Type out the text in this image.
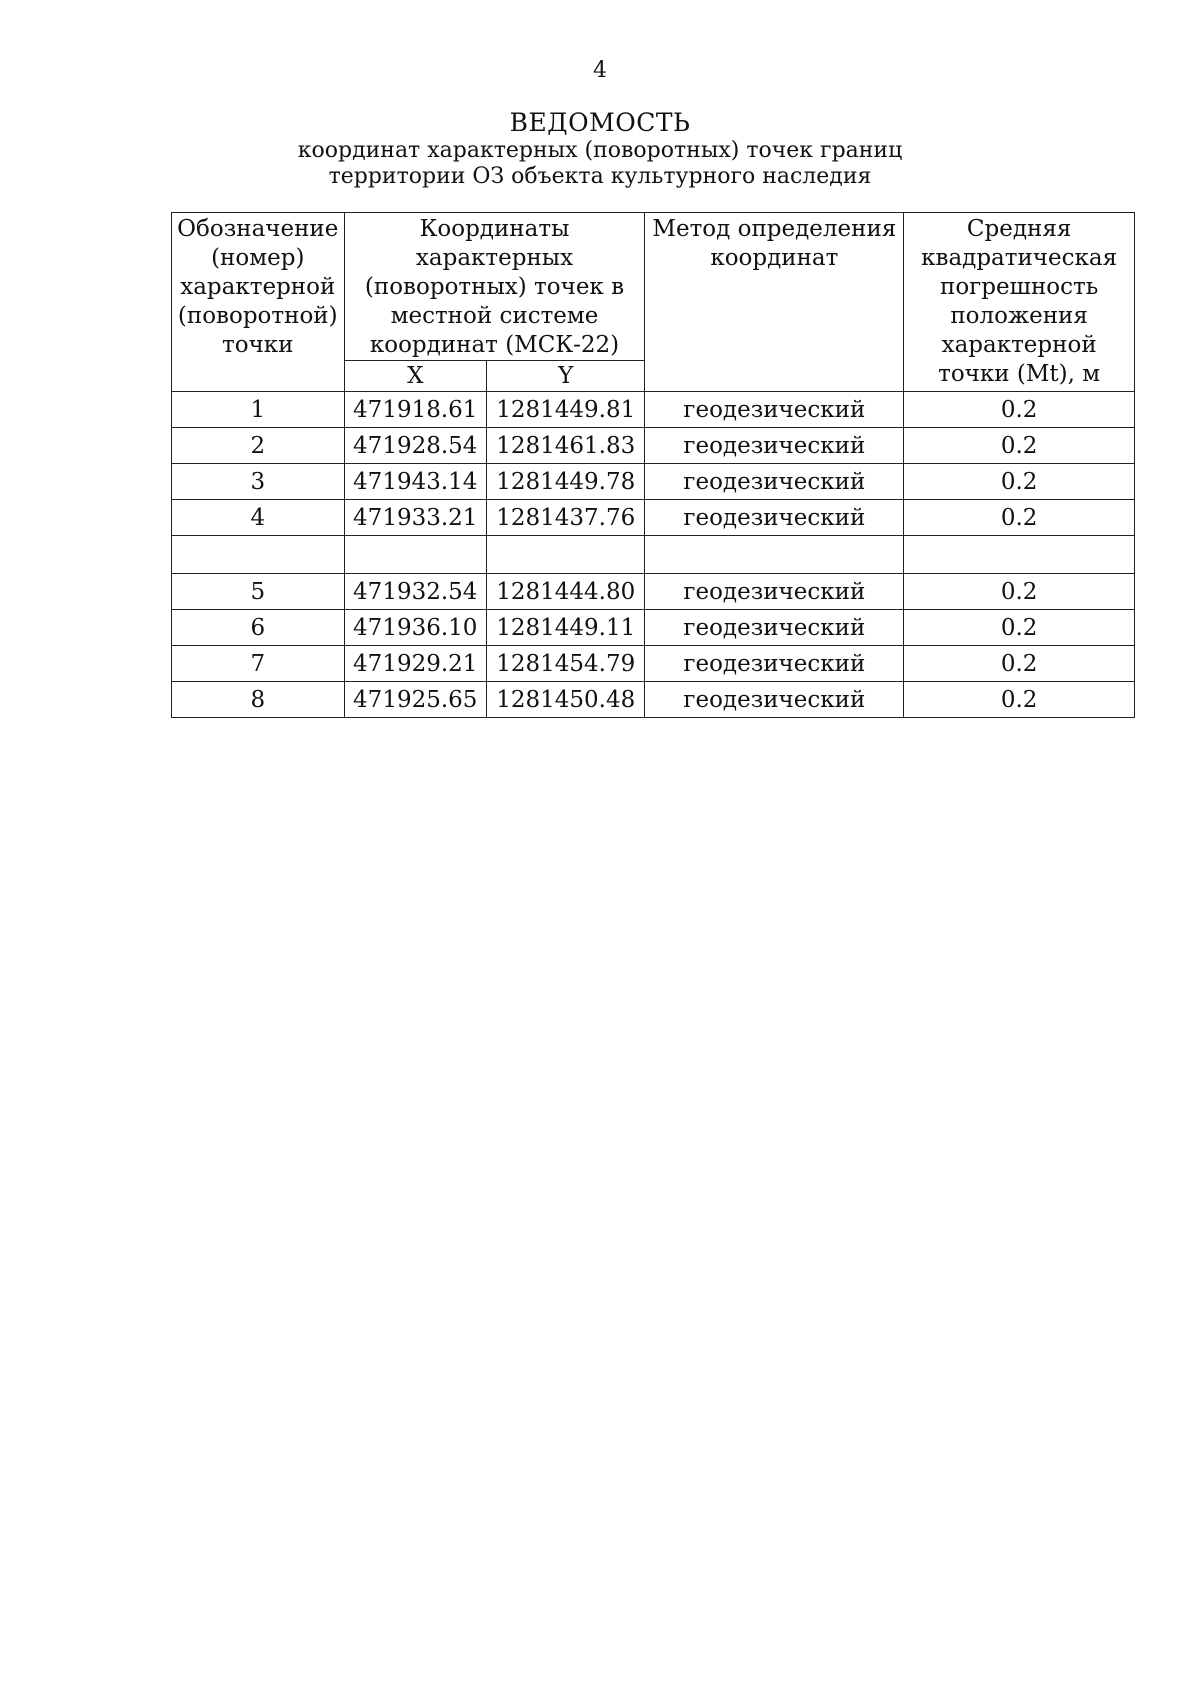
4
ВЕДОМОСТЬ
координат характерных (поворотных) точек границ
территории ОЗ объекта культурного наследия
Обозначение (номер) характерной (поворотной) точки	Координаты характерных (поворотных) точек в местной системе координат (МСК-22)		Метод определения координат	Средняя квадратическая погрешность положения характерной точки (Mt), м
	X	Y		
1	471918.61	1281449.81	геодезический	0.2
2	471928.54	1281461.83	геодезический	0.2
3	471943.14	1281449.78	геодезический	0.2
4	471933.21	1281437.76	геодезический	0.2

5	471932.54	1281444.80	геодезический	0.2
6	471936.10	1281449.11	геодезический	0.2
7	471929.21	1281454.79	геодезический	0.2
8	471925.65	1281450.48	геодезический	0.2
